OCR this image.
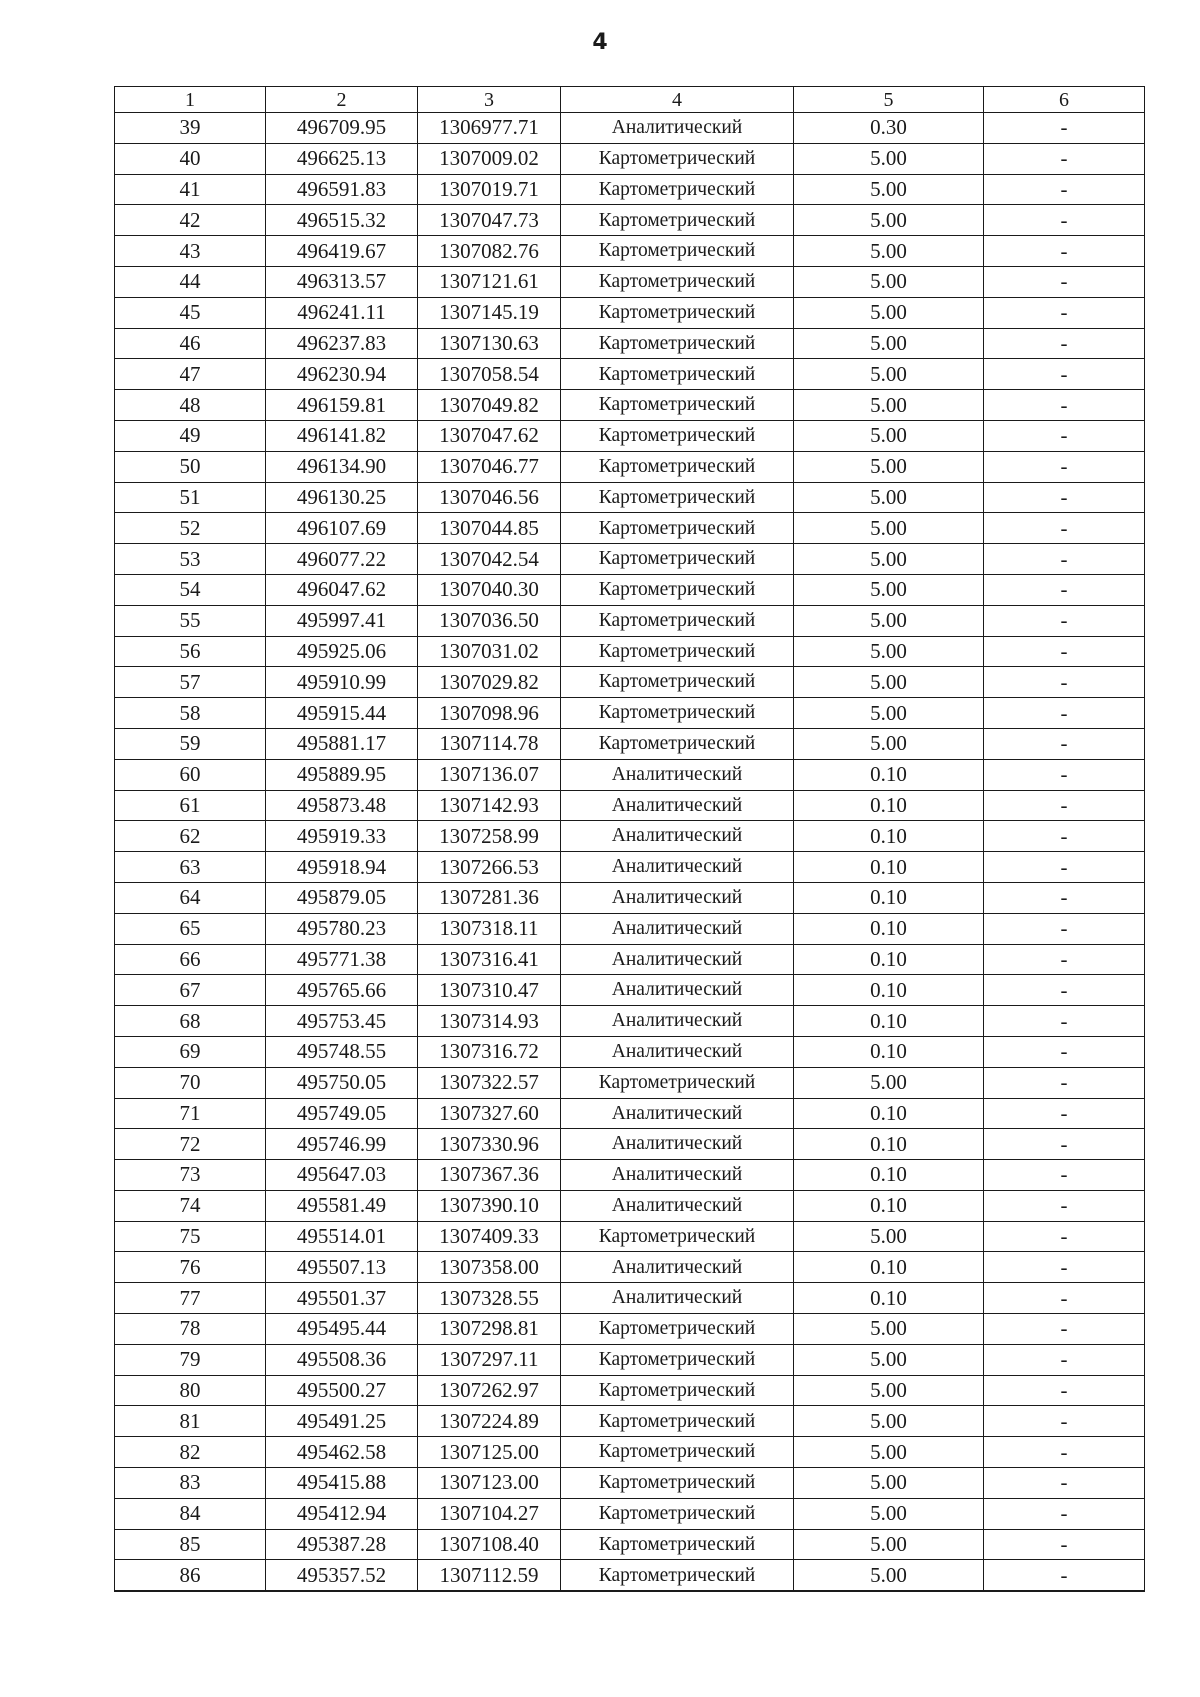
4
1	2	3	4	5	6
39	496709.95	1306977.71	Аналитический	0.30	-
40	496625.13	1307009.02	Картометрический	5.00	-
41	496591.83	1307019.71	Картометрический	5.00	-
42	496515.32	1307047.73	Картометрический	5.00	-
43	496419.67	1307082.76	Картометрический	5.00	-
44	496313.57	1307121.61	Картометрический	5.00	-
45	496241.11	1307145.19	Картометрический	5.00	-
46	496237.83	1307130.63	Картометрический	5.00	-
47	496230.94	1307058.54	Картометрический	5.00	-
48	496159.81	1307049.82	Картометрический	5.00	-
49	496141.82	1307047.62	Картометрический	5.00	-
50	496134.90	1307046.77	Картометрический	5.00	-
51	496130.25	1307046.56	Картометрический	5.00	-
52	496107.69	1307044.85	Картометрический	5.00	-
53	496077.22	1307042.54	Картометрический	5.00	-
54	496047.62	1307040.30	Картометрический	5.00	-
55	495997.41	1307036.50	Картометрический	5.00	-
56	495925.06	1307031.02	Картометрический	5.00	-
57	495910.99	1307029.82	Картометрический	5.00	-
58	495915.44	1307098.96	Картометрический	5.00	-
59	495881.17	1307114.78	Картометрический	5.00	-
60	495889.95	1307136.07	Аналитический	0.10	-
61	495873.48	1307142.93	Аналитический	0.10	-
62	495919.33	1307258.99	Аналитический	0.10	-
63	495918.94	1307266.53	Аналитический	0.10	-
64	495879.05	1307281.36	Аналитический	0.10	-
65	495780.23	1307318.11	Аналитический	0.10	-
66	495771.38	1307316.41	Аналитический	0.10	-
67	495765.66	1307310.47	Аналитический	0.10	-
68	495753.45	1307314.93	Аналитический	0.10	-
69	495748.55	1307316.72	Аналитический	0.10	-
70	495750.05	1307322.57	Картометрический	5.00	-
71	495749.05	1307327.60	Аналитический	0.10	-
72	495746.99	1307330.96	Аналитический	0.10	-
73	495647.03	1307367.36	Аналитический	0.10	-
74	495581.49	1307390.10	Аналитический	0.10	-
75	495514.01	1307409.33	Картометрический	5.00	-
76	495507.13	1307358.00	Аналитический	0.10	-
77	495501.37	1307328.55	Аналитический	0.10	-
78	495495.44	1307298.81	Картометрический	5.00	-
79	495508.36	1307297.11	Картометрический	5.00	-
80	495500.27	1307262.97	Картометрический	5.00	-
81	495491.25	1307224.89	Картометрический	5.00	-
82	495462.58	1307125.00	Картометрический	5.00	-
83	495415.88	1307123.00	Картометрический	5.00	-
84	495412.94	1307104.27	Картометрический	5.00	-
85	495387.28	1307108.40	Картометрический	5.00	-
86	495357.52	1307112.59	Картометрический	5.00	-
